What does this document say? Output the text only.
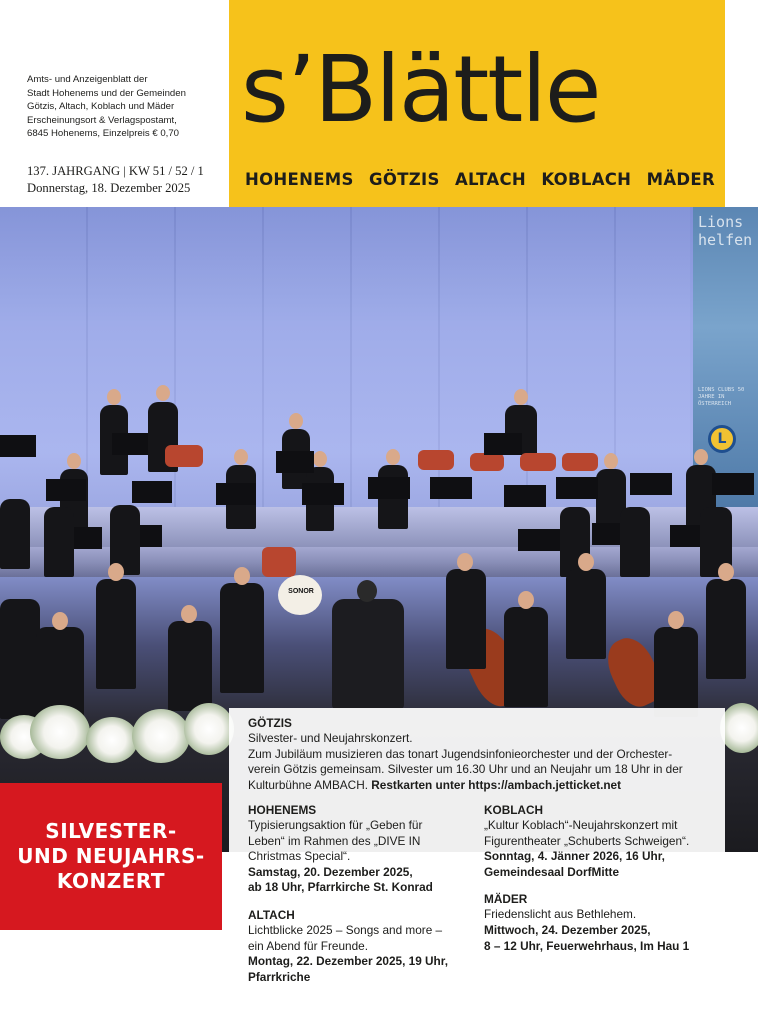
Amts- und Anzeigenblatt der
Stadt Hohenems und der Gemeinden
Götzis, Altach, Koblach und Mäder
Erscheinungsort & Verlagspostamt,
6845 Hohenems, Einzelpreis € 0,70
137. JAHRGANG | KW 51 / 52 / 1
Donnerstag, 18. Dezember 2025
s’Blättle
HOHENEMS GÖTZIS ALTACH KOBLACH MÄDER
Lions helfen
LIONS CLUBS 50 JAHRE IN ÖSTERREICH
L
SONOR
GÖTZIS
Silvester- und Neujahrskonzert.
Zum Jubiläum musizieren das tonart Jugendsinfonieorchester und der Orchester-
verein Götzis gemeinsam. Silvester um 16.30 Uhr und an Neujahr um 18 Uhr in der
Kulturbühne AMBACH. Restkarten unter https://ambach.jetticket.net
HOHENEMS
Typisierungsaktion für „Geben für
Leben“ im Rahmen des „DIVE IN
Christmas Special“.
Samstag, 20. Dezember 2025,
ab 18 Uhr, Pfarrkirche St. Konrad
ALTACH
Lichtblicke 2025 – Songs and more –
ein Abend für Freunde.
Montag, 22. Dezember 2025, 19 Uhr,
Pfarrkriche
KOBLACH
„Kultur Koblach“-Neujahrskonzert mit
Figurentheater „Schuberts Schweigen“.
Sonntag, 4. Jänner 2026, 16 Uhr,
Gemeindesaal DorfMitte
MÄDER
Friedenslicht aus Bethlehem.
Mittwoch, 24. Dezember 2025,
8 – 12 Uhr, Feuerwehrhaus, Im Hau 1
SILVESTER-
UND NEUJAHRS-
KONZERT
